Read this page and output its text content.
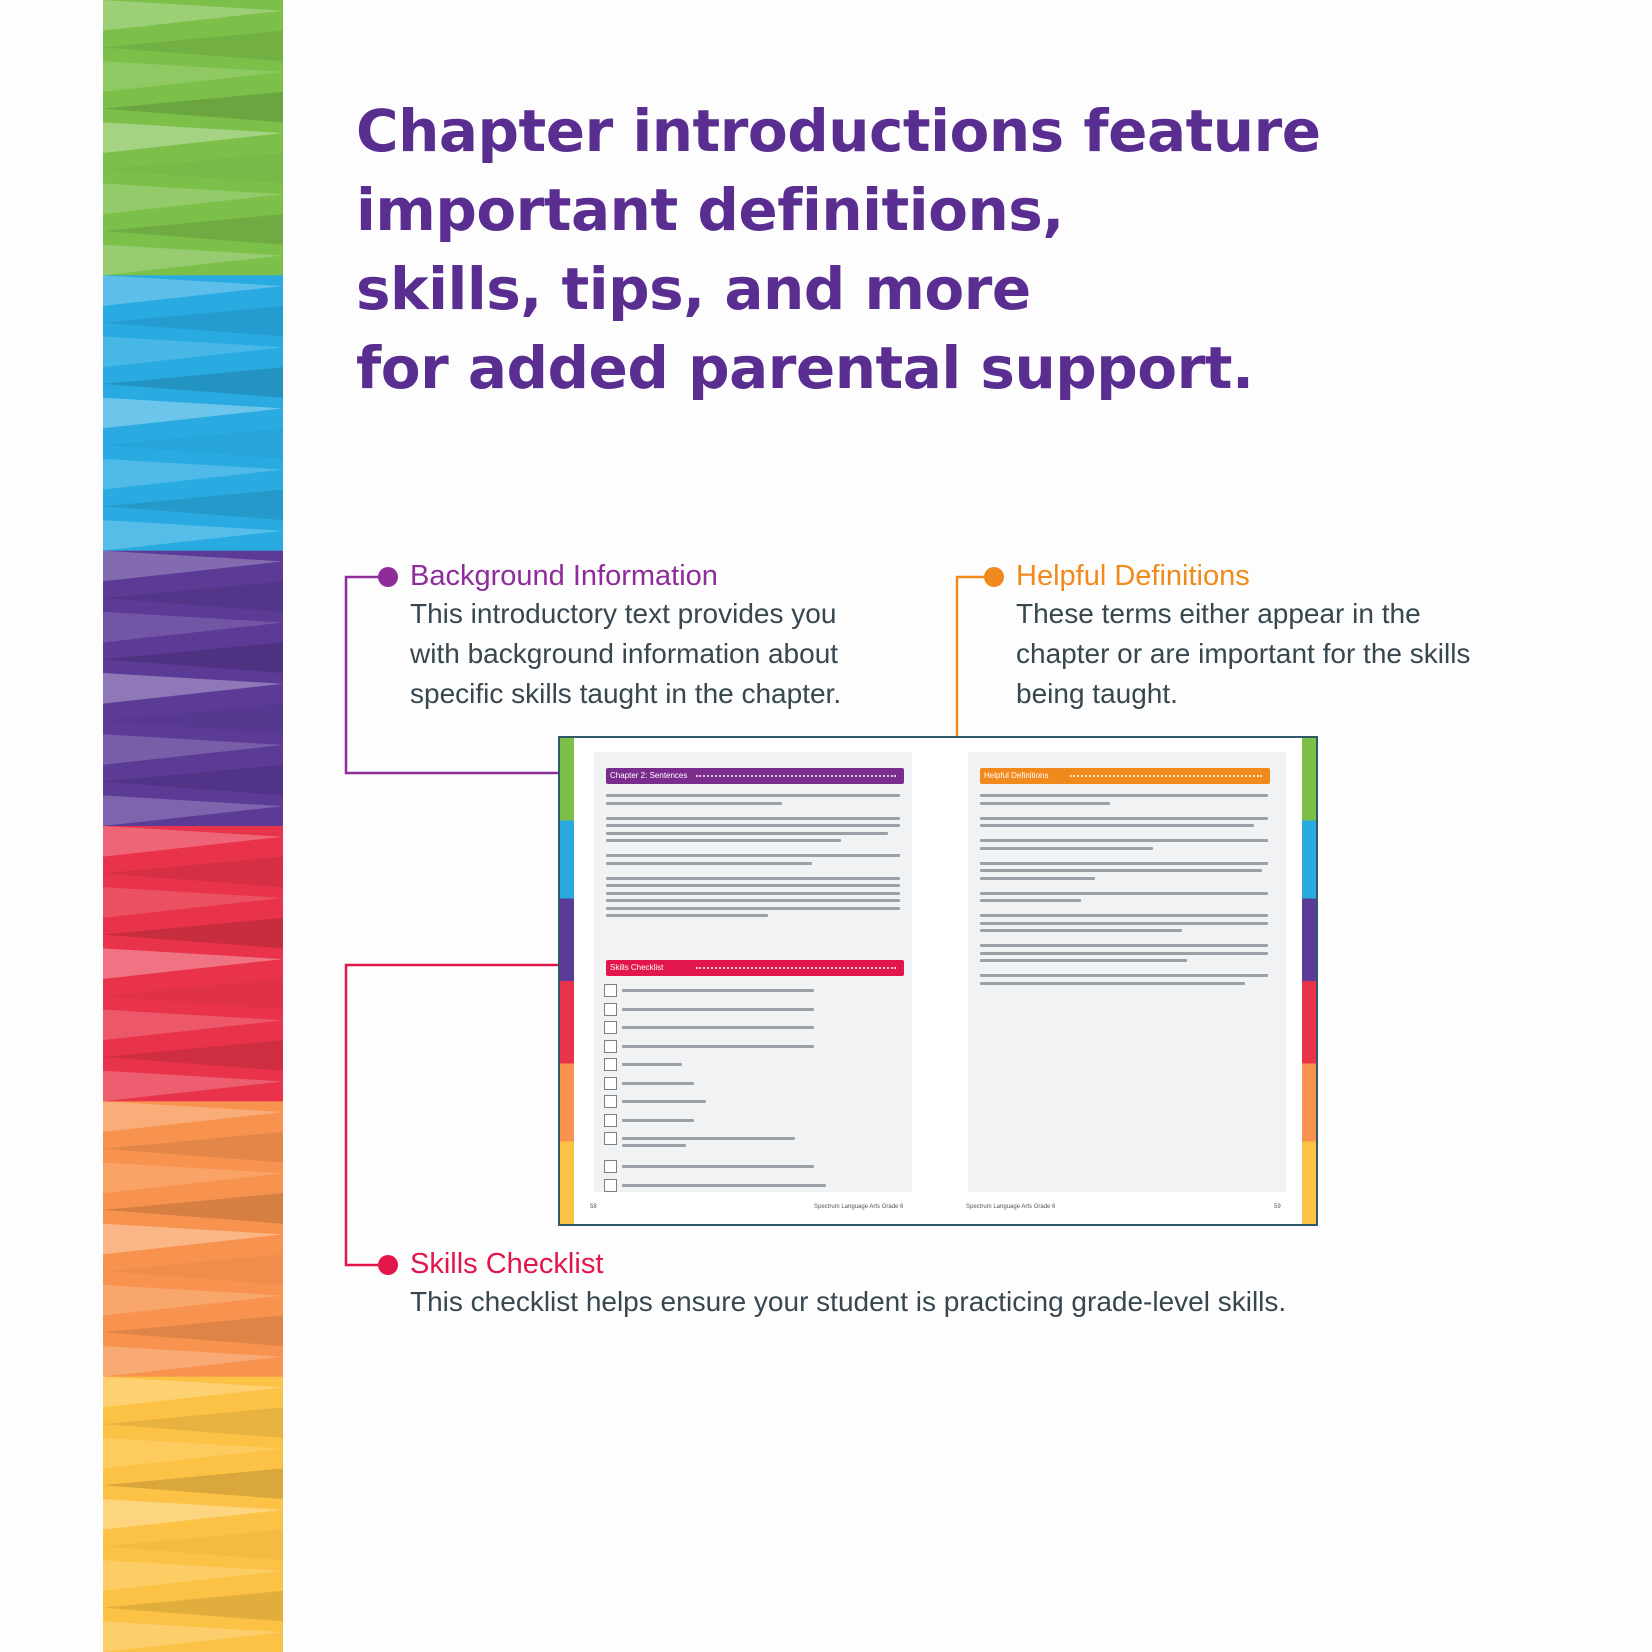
Chapter introductions feature
important definitions,
skills, tips, and more
for added parental support.
Background Information
This introductory text provides you
with background information about
specific skills taught in the chapter.
Helpful Definitions
These terms either appear in the
chapter or are important for the skills
being taught.
Chapter 2: Sentences
Skills Checklist
58	Spectrum Language Arts Grade 6
Helpful Definitions
Spectrum Language Arts Grade 6	59
Skills Checklist
This checklist helps ensure your student is practicing grade-level skills.
